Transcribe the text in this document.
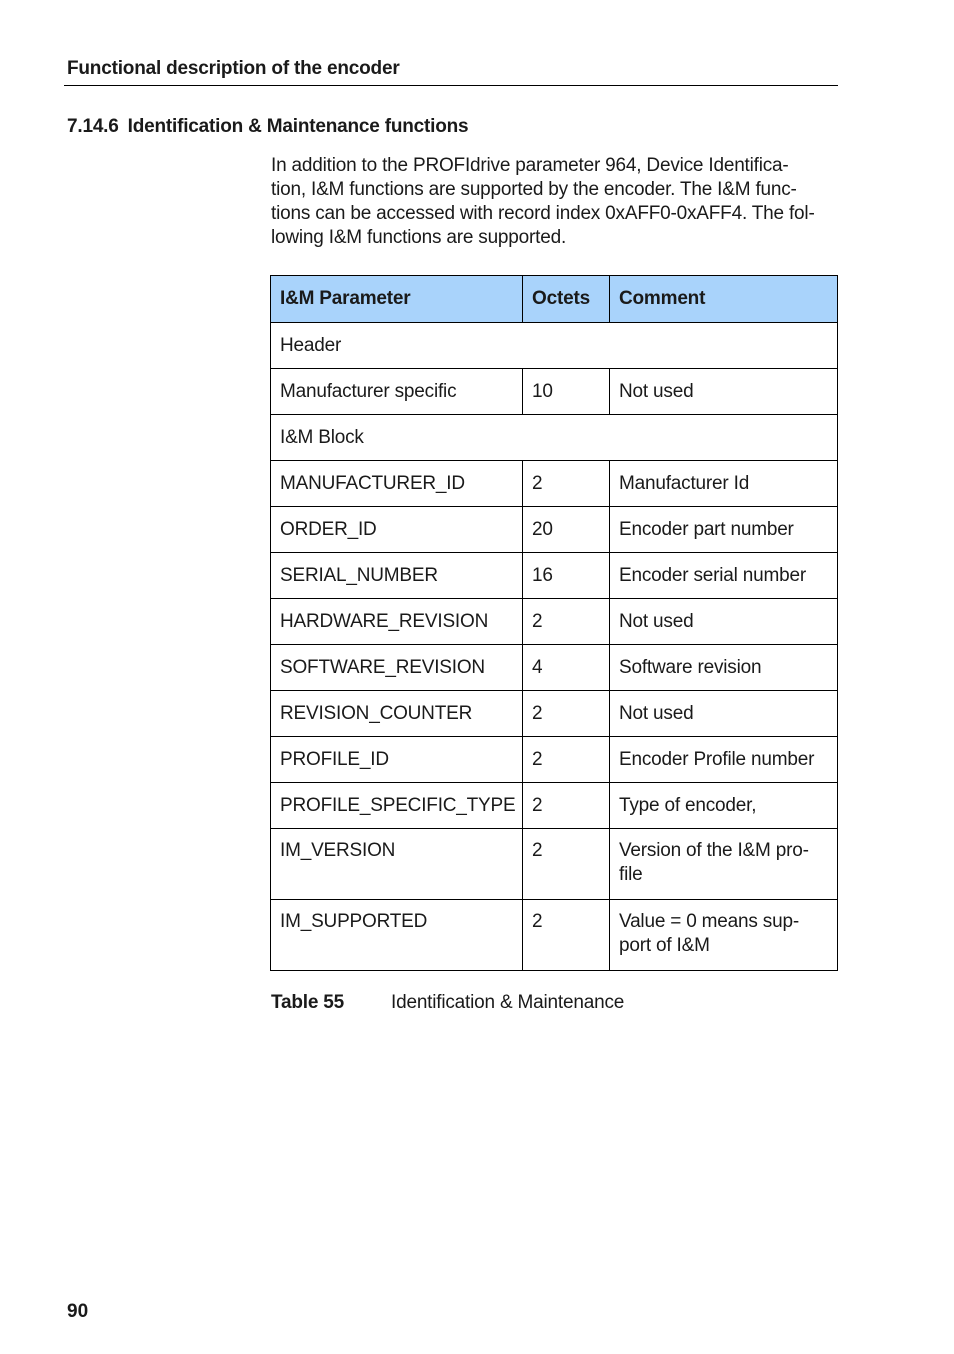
Functional description of the encoder
7.14.6 Identification & Maintenance functions
In addition to the PROFIdrive parameter 964, Device Identifica-
tion, I&M functions are supported by the encoder. The I&M func-
tions can be accessed with record index 0xAFF0-0xAFF4. The fol-
lowing I&M functions are supported.
I&M Parameter	Octets	Comment
Header		
Manufacturer specific	10	Not used
I&M Block		
MANUFACTURER_ID	2	Manufacturer Id
ORDER_ID	20	Encoder part number
SERIAL_NUMBER	16	Encoder serial number
HARDWARE_REVISION	2	Not used
SOFTWARE_REVISION	4	Software revision
REVISION_COUNTER	2	Not used
PROFILE_ID	2	Encoder Profile number
PROFILE_SPECIFIC_TYPE	2	Type of encoder,
IM_VERSION	2	Version of the I&M pro- file
IM_SUPPORTED	2	Value = 0 means sup- port of I&M
Table 55 Identification & Maintenance
90
